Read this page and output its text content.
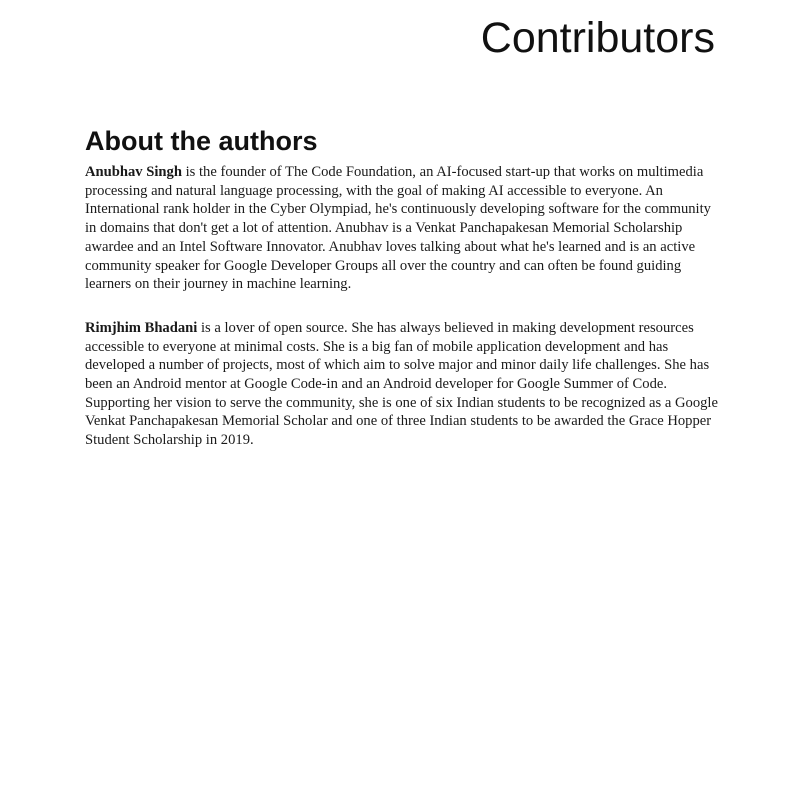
Contributors
About the authors

Anubhav Singh is the founder of The Code Foundation, an AI-focused start-up that works on multimedia processing and natural language processing, with the goal of making AI accessible to everyone. An International rank holder in the Cyber Olympiad, he's continuously developing software for the community in domains that don't get a lot of attention. Anubhav is a Venkat Panchapakesan Memorial Scholarship awardee and an Intel Software Innovator. Anubhav loves talking about what he's learned and is an active community speaker for Google Developer Groups all over the country and can often be found guiding learners on their journey in machine learning.

Rimjhim Bhadani is a lover of open source. She has always believed in making development resources accessible to everyone at minimal costs. She is a big fan of mobile application development and has developed a number of projects, most of which aim to solve major and minor daily life challenges. She has been an Android mentor at Google Code-in and an Android developer for Google Summer of Code. Supporting her vision to serve the community, she is one of six Indian students to be recognized as a Google Venkat Panchapakesan Memorial Scholar and one of three Indian students to be awarded the Grace Hopper Student Scholarship in 2019.
